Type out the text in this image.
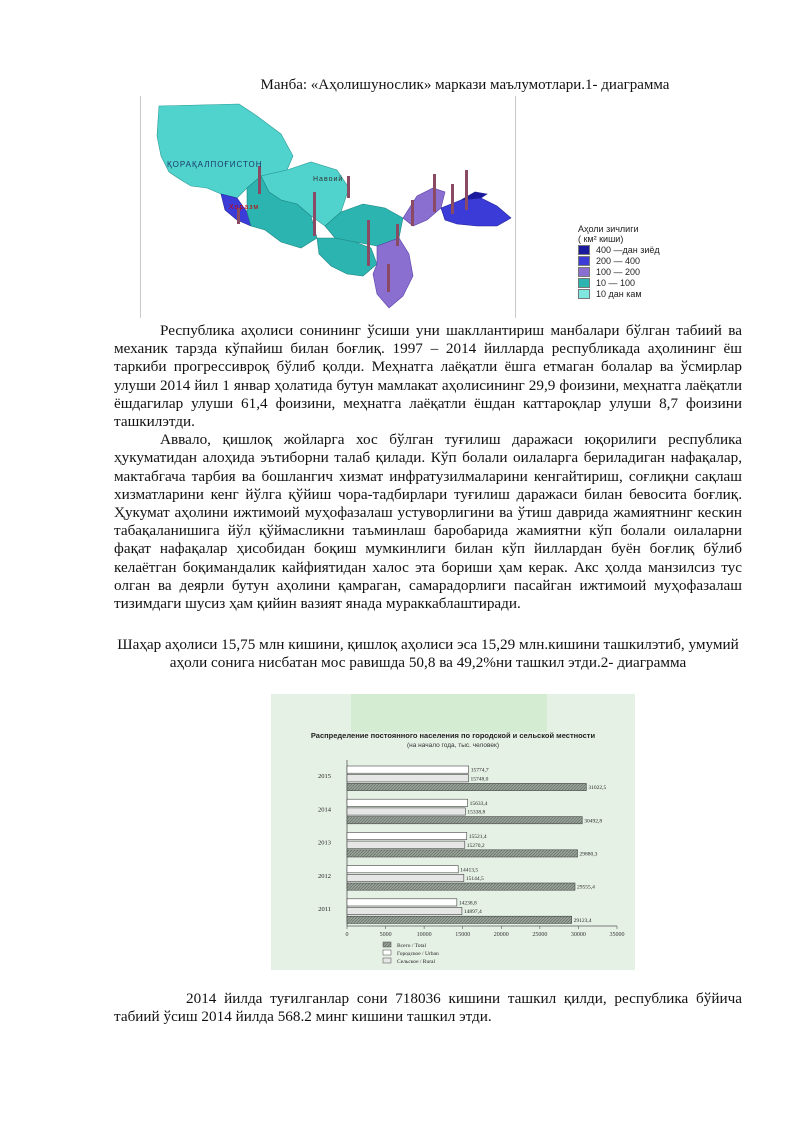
Манба: «Аҳолишунослик» маркази маълумотлари.1- диаграмма
ҚОРАҚАЛПОҒИСТОН
Хоразм
Навоий
Аҳоли зичлиги
( км² киши)
400 —дан зиёд
200 — 400
100 — 200
10 — 100
10 дан кам

Республика аҳолиси сонининг ўсиши уни шакллантириш манбалари бўлган табиий ва механик тарзда кўпайиш билан боғлиқ. 1997 – 2014 йилларда республикада аҳолининг ёш таркиби прогрессивроқ бўлиб қолди. Меҳнатга лаёқатли ёшга етмаган болалар ва ўсмирлар улуши 2014 йил 1 январ ҳолатида бутун мамлакат аҳолисининг 29,9 фоизини, меҳнатга лаёқатли ёшдагилар улуши 61,4 фоизини, меҳнатга лаёқатли ёшдан каттароқлар улуши 8,7 фоизини ташкилэтди.

Аввало, қишлоқ жойларга хос бўлган туғилиш даражаси юқорилиги республика ҳукуматидан алоҳида эътиборни талаб қилади. Кўп болали оилаларга бериладиган нафақалар, мактабгача тарбия ва бошлангич хизмат инфратузилмаларини кенгайтириш, соғлиқни сақлаш хизматларини кенг йўлга қўйиш чора-тадбирлари туғилиш даражаси билан бевосита боғлиқ. Ҳукумат аҳолини ижтимоий муҳофазалаш устуворлигини ва ўтиш даврида жамиятнинг кескин табақаланишига йўл қўймасликни таъминлаш баробарида жамиятни кўп болали оилаларни фақат нафақалар ҳисобидан боқиш мумкинлиги билан кўп йиллардан буён боғлиқ бўлиб келаётган боқимандалик кайфиятидан халос эта бориши ҳам керак. Акс ҳолда манзилсиз тус олган ва деярли бутун аҳолини қамраган, самарадорлиги пасайган ижтимоий муҳофазалаш тизимдаги шусиз ҳам қийин вазият янада мураккаблаштиради.

Шаҳар аҳолиси 15,75 млн кишини, қишлоқ аҳолиси эса 15,29 млн.кишини ташкилэтиб, умумий аҳоли сонига нисбатан мос равишда 50,8 ва 49,2%ни ташкил этди.2- диаграмма
Распределение постоянного населения по городской и сельской местности
(на начало года, тыс. человек)
0	5000	10000	15000	20000	25000	30000	35000
2015
15774,7
15748,0
31022,5
2014
15633,4
15338,8
30492,8
2013
15521,4
15270,2
29880,3
2012
14413,5
15144,5
29555,4
2011
14238,8
14897,4
29123,4
Всего / Total
Городское / Urban
Сельское / Rural

2014 йилда туғилганлар сони 718036 кишини ташкил қилди, республика бўйича табиий ўсиш 2014 йилда 568.2 минг кишини ташкил этди.
